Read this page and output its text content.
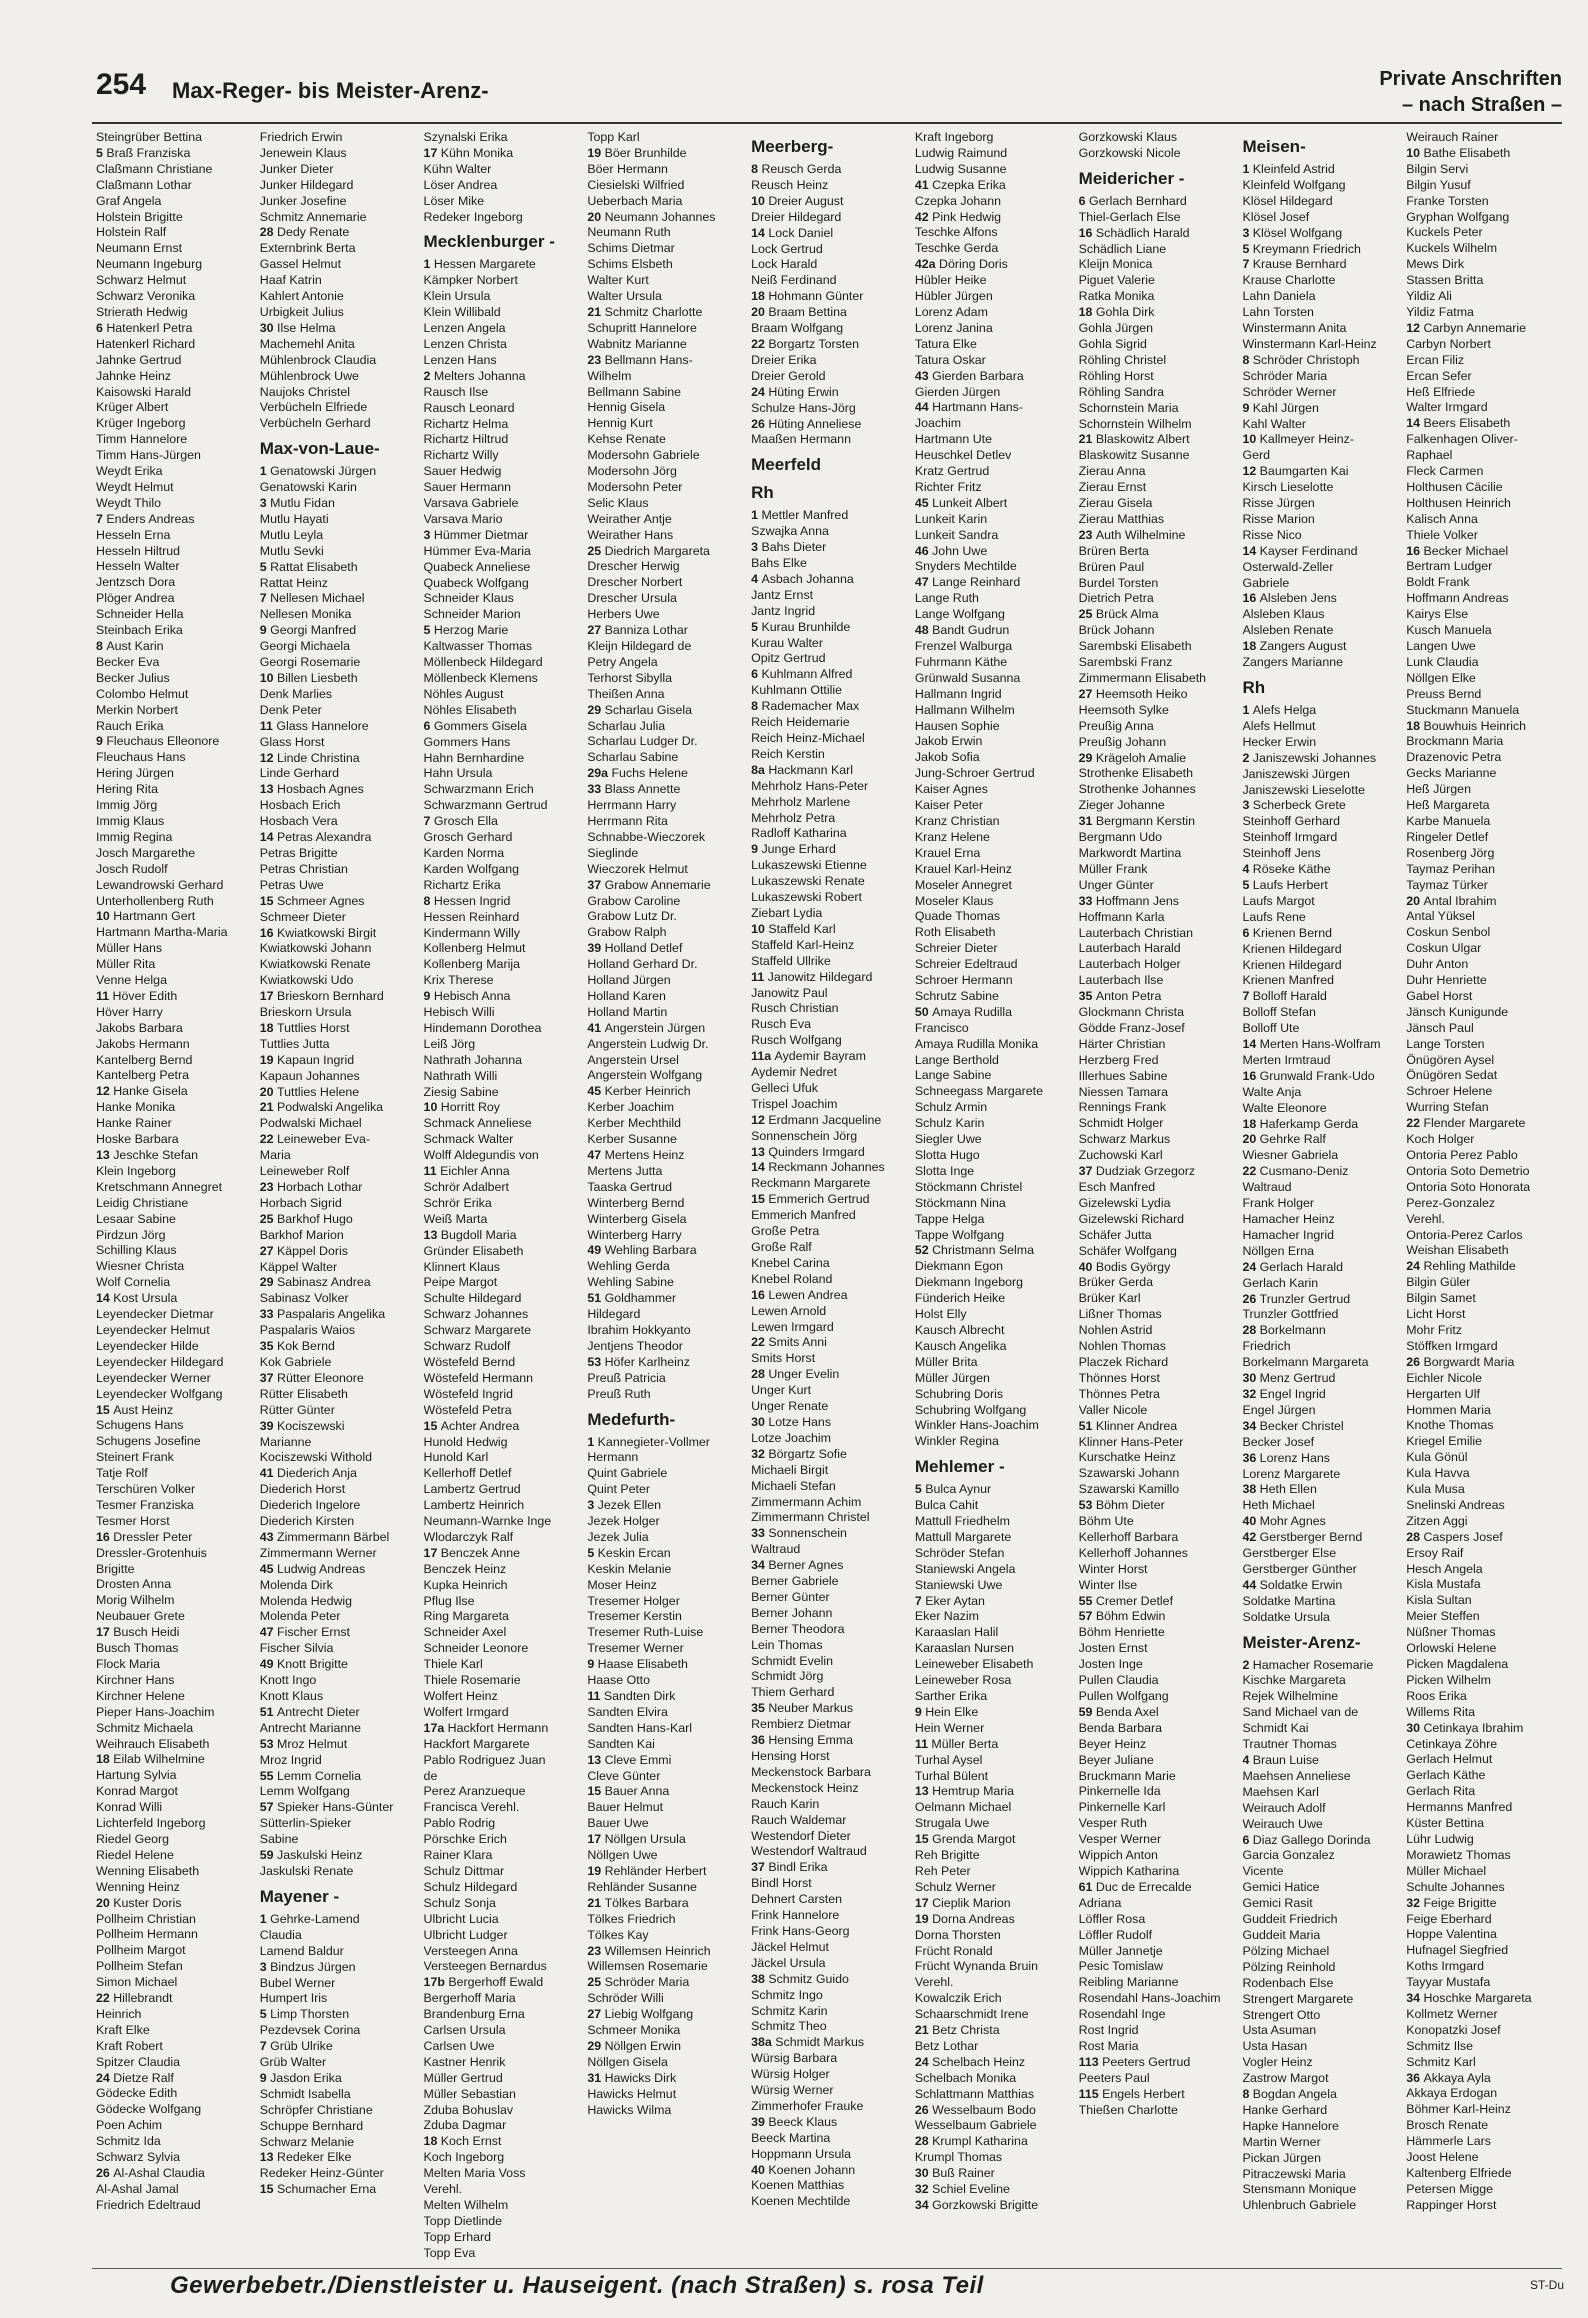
254 Max-Reger- bis Meister-Arenz-	Private Anschriften
– nach Straßen –
Steingrüber Bettina
5 Braß Franziska
Claßmann Christiane
Claßmann Lothar
Graf Angela
Holstein Brigitte
Holstein Ralf
Neumann Ernst
Neumann Ingeburg
Schwarz Helmut
Schwarz Veronika
Strierath Hedwig
6 Hatenkerl Petra
Hatenkerl Richard
Jahnke Gertrud
Jahnke Heinz
Kaisowski Harald
Krüger Albert
Krüger Ingeborg
Timm Hannelore
Timm Hans-Jürgen
Weydt Erika
Weydt Helmut
Weydt Thilo
7 Enders Andreas
Hesseln Erna
Hesseln Hiltrud
Hesseln Walter
Jentzsch Dora
Plöger Andrea
Schneider Hella
Steinbach Erika
8 Aust Karin
Becker Eva
Becker Julius
Colombo Helmut
Merkin Norbert
Rauch Erika
9 Fleuchaus Elleonore
Fleuchaus Hans
Hering Jürgen
Hering Rita
Immig Jörg
Immig Klaus
Immig Regina
Josch Margarethe
Josch Rudolf
Lewandrowski Gerhard
Unterhollenberg Ruth
10 Hartmann Gert
Hartmann Martha-Maria
Müller Hans
Müller Rita
Venne Helga
11 Höver Edith
Höver Harry
Jakobs Barbara
Jakobs Hermann
Kantelberg Bernd
Kantelberg Petra
12 Hanke Gisela
Hanke Monika
Hanke Rainer
Hoske Barbara
13 Jeschke Stefan
Klein Ingeborg
Kretschmann Annegret
Leidig Christiane
Lesaar Sabine
Pirdzun Jörg
Schilling Klaus
Wiesner Christa
Wolf Cornelia
14 Kost Ursula
Leyendecker Dietmar
Leyendecker Helmut
Leyendecker Hilde
Leyendecker Hildegard
Leyendecker Werner
Leyendecker Wolfgang
15 Aust Heinz
Schugens Hans
Schugens Josefine
Steinert Frank
Tatje Rolf
Terschüren Volker
Tesmer Franziska
Tesmer Horst
16 Dressler Peter
Dressler-Grotenhuis
Brigitte
Drosten Anna
Morig Wilhelm
Neubauer Grete
17 Busch Heidi
Busch Thomas
Flock Maria
Kirchner Hans
Kirchner Helene
Pieper Hans-Joachim
Schmitz Michaela
Weihrauch Elisabeth
18 Eilab Wilhelmine
Hartung Sylvia
Konrad Margot
Konrad Willi
Lichterfeld Ingeborg
Riedel Georg
Riedel Helene
Wenning Elisabeth
Wenning Heinz
20 Kuster Doris
Pollheim Christian
Pollheim Hermann
Pollheim Margot
Pollheim Stefan
Simon Michael
22 Hillebrandt
Heinrich
Kraft Elke
Kraft Robert
Spitzer Claudia
24 Dietze Ralf
Gödecke Edith
Gödecke Wolfgang
Poen Achim
Schmitz Ida
Schwarz Sylvia
26 Al-Ashal Claudia
Al-Ashal Jamal
Friedrich Edeltraud
Friedrich Erwin
Jenewein Klaus
Junker Dieter
Junker Hildegard
Junker Josefine
Schmitz Annemarie
28 Dedy Renate
Externbrink Berta
Gassel Helmut
Haaf Katrin
Kahlert Antonie
Urbigkeit Julius
30 Ilse Helma
Machemehl Anita
Mühlenbrock Claudia
Mühlenbrock Uwe
Naujoks Christel
Verbücheln Elfriede
Verbücheln Gerhard
Max-von-Laue-
1 Genatowski Jürgen
Genatowski Karin
3 Mutlu Fidan
Mutlu Hayati
Mutlu Leyla
Mutlu Sevki
5 Rattat Elisabeth
Rattat Heinz
7 Nellesen Michael
Nellesen Monika
9 Georgi Manfred
Georgi Michaela
Georgi Rosemarie
10 Billen Liesbeth
Denk Marlies
Denk Peter
11 Glass Hannelore
Glass Horst
12 Linde Christina
Linde Gerhard
13 Hosbach Agnes
Hosbach Erich
Hosbach Vera
14 Petras Alexandra
Petras Brigitte
Petras Christian
Petras Uwe
15 Schmeer Agnes
Schmeer Dieter
16 Kwiatkowski Birgit
Kwiatkowski Johann
Kwiatkowski Renate
Kwiatkowski Udo
17 Brieskorn Bernhard
Brieskorn Ursula
18 Tuttlies Horst
Tuttlies Jutta
19 Kapaun Ingrid
Kapaun Johannes
20 Tuttlies Helene
21 Podwalski Angelika
Podwalski Michael
22 Leineweber Eva-
Maria
Leineweber Rolf
23 Horbach Lothar
Horbach Sigrid
25 Barkhof Hugo
Barkhof Marion
27 Käppel Doris
Käppel Walter
29 Sabinasz Andrea
Sabinasz Volker
33 Paspalaris Angelika
Paspalaris Waios
35 Kok Bernd
Kok Gabriele
37 Rütter Eleonore
Rütter Elisabeth
Rütter Günter
39 Kociszewski
Marianne
Kociszewski Withold
41 Diederich Anja
Diederich Horst
Diederich Ingelore
Diederich Kirsten
43 Zimmermann Bärbel
Zimmermann Werner
45 Ludwig Andreas
Molenda Dirk
Molenda Hedwig
Molenda Peter
47 Fischer Ernst
Fischer Silvia
49 Knott Brigitte
Knott Ingo
Knott Klaus
51 Antrecht Dieter
Antrecht Marianne
53 Mroz Helmut
Mroz Ingrid
55 Lemm Cornelia
Lemm Wolfgang
57 Spieker Hans-Günter
Sütterlin-Spieker
Sabine
59 Jaskulski Heinz
Jaskulski Renate
Mayener -
1 Gehrke-Lamend
Claudia
Lamend Baldur
3 Bindzus Jürgen
Bubel Werner
Humpert Iris
5 Limp Thorsten
Pezdevsek Corina
7 Grüb Ulrike
Grüb Walter
9 Jasdon Erika
Schmidt Isabella
Schröpfer Christiane
Schuppe Bernhard
Schwarz Melanie
13 Redeker Elke
Redeker Heinz-Günter
15 Schumacher Erna
Szynalski Erika
17 Kühn Monika
Kühn Walter
Löser Andrea
Löser Mike
Redeker Ingeborg
Mecklenburger -
1 Hessen Margarete
Kämpker Norbert
Klein Ursula
Klein Willibald
Lenzen Angela
Lenzen Christa
Lenzen Hans
2 Melters Johanna
Rausch Ilse
Rausch Leonard
Richartz Helma
Richartz Hiltrud
Richartz Willy
Sauer Hedwig
Sauer Hermann
Varsava Gabriele
Varsava Mario
3 Hümmer Dietmar
Hümmer Eva-Maria
Quabeck Anneliese
Quabeck Wolfgang
Schneider Klaus
Schneider Marion
5 Herzog Marie
Kaltwasser Thomas
Möllenbeck Hildegard
Möllenbeck Klemens
Nöhles August
Nöhles Elisabeth
6 Gommers Gisela
Gommers Hans
Hahn Bernhardine
Hahn Ursula
Schwarzmann Erich
Schwarzmann Gertrud
7 Grosch Ella
Grosch Gerhard
Karden Norma
Karden Wolfgang
Richartz Erika
8 Hessen Ingrid
Hessen Reinhard
Kindermann Willy
Kollenberg Helmut
Kollenberg Marija
Krix Therese
9 Hebisch Anna
Hebisch Willi
Hindemann Dorothea
Leiß Jörg
Nathrath Johanna
Nathrath Willi
Ziesig Sabine
10 Horritt Roy
Schmack Anneliese
Schmack Walter
Wolff Aldegundis von
11 Eichler Anna
Schrör Adalbert
Schrör Erika
Weiß Marta
13 Bugdoll Maria
Gründer Elisabeth
Klinnert Klaus
Peipe Margot
Schulte Hildegard
Schwarz Johannes
Schwarz Margarete
Schwarz Rudolf
Wöstefeld Bernd
Wöstefeld Hermann
Wöstefeld Ingrid
Wöstefeld Petra
15 Achter Andrea
Hunold Hedwig
Hunold Karl
Kellerhoff Detlef
Lambertz Gertrud
Lambertz Heinrich
Neumann-Warnke Inge
Wlodarczyk Ralf
17 Benczek Anne
Benczek Heinz
Kupka Heinrich
Pflug Ilse
Ring Margareta
Schneider Axel
Schneider Leonore
Thiele Karl
Thiele Rosemarie
Wolfert Heinz
Wolfert Irmgard
17a Hackfort Hermann
Hackfort Margarete
Pablo Rodriguez Juan
de
Perez Aranzueque
Francisca Verehl.
Pablo Rodrig
Pörschke Erich
Rainer Klara
Schulz Dittmar
Schulz Hildegard
Schulz Sonja
Ulbricht Lucia
Ulbricht Ludger
Versteegen Anna
Versteegen Bernardus
17b Bergerhoff Ewald
Bergerhoff Maria
Brandenburg Erna
Carlsen Ursula
Carlsen Uwe
Kastner Henrik
Müller Gertrud
Müller Sebastian
Zduba Bohuslav
Zduba Dagmar
18 Koch Ernst
Koch Ingeborg
Melten Maria Voss
Verehl.
Melten Wilhelm
Topp Dietlinde
Topp Erhard
Topp Eva
Topp Karl
19 Böer Brunhilde
Böer Hermann
Ciesielski Wilfried
Ueberbach Maria
20 Neumann Johannes
Neumann Ruth
Schims Dietmar
Schims Elsbeth
Walter Kurt
Walter Ursula
21 Schmitz Charlotte
Schupritt Hannelore
Wabnitz Marianne
23 Bellmann Hans-
Wilhelm
Bellmann Sabine
Hennig Gisela
Hennig Kurt
Kehse Renate
Modersohn Gabriele
Modersohn Jörg
Modersohn Peter
Selic Klaus
Weirather Antje
Weirather Hans
25 Diedrich Margareta
Drescher Herwig
Drescher Norbert
Drescher Ursula
Herbers Uwe
27 Banniza Lothar
Kleijn Hildegard de
Petry Angela
Terhorst Sibylla
Theißen Anna
29 Scharlau Gisela
Scharlau Julia
Scharlau Ludger Dr.
Scharlau Sabine
29a Fuchs Helene
33 Blass Annette
Herrmann Harry
Herrmann Rita
Schnabbe-Wieczorek
Sieglinde
Wieczorek Helmut
37 Grabow Annemarie
Grabow Caroline
Grabow Lutz Dr.
Grabow Ralph
39 Holland Detlef
Holland Gerhard Dr.
Holland Jürgen
Holland Karen
Holland Martin
41 Angerstein Jürgen
Angerstein Ludwig Dr.
Angerstein Ursel
Angerstein Wolfgang
45 Kerber Heinrich
Kerber Joachim
Kerber Mechthild
Kerber Susanne
47 Mertens Heinz
Mertens Jutta
Taaska Gertrud
Winterberg Bernd
Winterberg Gisela
Winterberg Harry
49 Wehling Barbara
Wehling Gerda
Wehling Sabine
51 Goldhammer
Hildegard
Ibrahim Hokkyanto
Jentjens Theodor
53 Höfer Karlheinz
Preuß Patricia
Preuß Ruth
Medefurth-
1 Kannegieter-Vollmer
Hermann
Quint Gabriele
Quint Peter
3 Jezek Ellen
Jezek Holger
Jezek Julia
5 Keskin Ercan
Keskin Melanie
Moser Heinz
Tresemer Holger
Tresemer Kerstin
Tresemer Ruth-Luise
Tresemer Werner
9 Haase Elisabeth
Haase Otto
11 Sandten Dirk
Sandten Elvira
Sandten Hans-Karl
Sandten Kai
13 Cleve Emmi
Cleve Günter
15 Bauer Anna
Bauer Helmut
Bauer Uwe
17 Nöllgen Ursula
Nöllgen Uwe
19 Rehländer Herbert
Rehländer Susanne
21 Tölkes Barbara
Tölkes Friedrich
Tölkes Kay
23 Willemsen Heinrich
Willemsen Rosemarie
25 Schröder Maria
Schröder Willi
27 Liebig Wolfgang
Schmeer Monika
29 Nöllgen Erwin
Nöllgen Gisela
31 Hawicks Dirk
Hawicks Helmut
Hawicks Wilma
Meerberg-
8 Reusch Gerda
Reusch Heinz
10 Dreier August
Dreier Hildegard
14 Lock Daniel
Lock Gertrud
Lock Harald
Neiß Ferdinand
18 Hohmann Günter
20 Braam Bettina
Braam Wolfgang
22 Borgartz Torsten
Dreier Erika
Dreier Gerold
24 Hüting Erwin
Schulze Hans-Jörg
26 Hüting Anneliese
Maaßen Hermann
Meerfeld
Rh
1 Mettler Manfred
Szwajka Anna
3 Bahs Dieter
Bahs Elke
4 Asbach Johanna
Jantz Ernst
Jantz Ingrid
5 Kurau Brunhilde
Kurau Walter
Opitz Gertrud
6 Kuhlmann Alfred
Kuhlmann Ottilie
8 Rademacher Max
Reich Heidemarie
Reich Heinz-Michael
Reich Kerstin
8a Hackmann Karl
Mehrholz Hans-Peter
Mehrholz Marlene
Mehrholz Petra
Radloff Katharina
9 Junge Erhard
Lukaszewski Etienne
Lukaszewski Renate
Lukaszewski Robert
Ziebart Lydia
10 Staffeld Karl
Staffeld Karl-Heinz
Staffeld Ullrike
11 Janowitz Hildegard
Janowitz Paul
Rusch Christian
Rusch Eva
Rusch Wolfgang
11a Aydemir Bayram
Aydemir Nedret
Gelleci Ufuk
Trispel Joachim
12 Erdmann Jacqueline
Sonnenschein Jörg
13 Quinders Irmgard
14 Reckmann Johannes
Reckmann Margarete
15 Emmerich Gertrud
Emmerich Manfred
Große Petra
Große Ralf
Knebel Carina
Knebel Roland
16 Lewen Andrea
Lewen Arnold
Lewen Irmgard
22 Smits Anni
Smits Horst
28 Unger Evelin
Unger Kurt
Unger Renate
30 Lotze Hans
Lotze Joachim
32 Börgartz Sofie
Michaeli Birgit
Michaeli Stefan
Zimmermann Achim
Zimmermann Christel
33 Sonnenschein
Waltraud
34 Berner Agnes
Berner Gabriele
Berner Günter
Berner Johann
Berner Theodora
Lein Thomas
Schmidt Evelin
Schmidt Jörg
Thiem Gerhard
35 Neuber Markus
Rembierz Dietmar
36 Hensing Emma
Hensing Horst
Meckenstock Barbara
Meckenstock Heinz
Rauch Karin
Rauch Waldemar
Westendorf Dieter
Westendorf Waltraud
37 Bindl Erika
Bindl Horst
Dehnert Carsten
Frink Hannelore
Frink Hans-Georg
Jäckel Helmut
Jäckel Ursula
38 Schmitz Guido
Schmitz Ingo
Schmitz Karin
Schmitz Theo
38a Schmidt Markus
Würsig Barbara
Würsig Holger
Würsig Werner
Zimmerhofer Frauke
39 Beeck Klaus
Beeck Martina
Hoppmann Ursula
40 Koenen Johann
Koenen Matthias
Koenen Mechtilde
Kraft Ingeborg
Ludwig Raimund
Ludwig Susanne
41 Czepka Erika
Czepka Johann
42 Pink Hedwig
Teschke Alfons
Teschke Gerda
42a Döring Doris
Hübler Heike
Hübler Jürgen
Lorenz Adam
Lorenz Janina
Tatura Elke
Tatura Oskar
43 Gierden Barbara
Gierden Jürgen
44 Hartmann Hans-
Joachim
Hartmann Ute
Heuschkel Detlev
Kratz Gertrud
Richter Fritz
45 Lunkeit Albert
Lunkeit Karin
Lunkeit Sandra
46 John Uwe
Snyders Mechtilde
47 Lange Reinhard
Lange Ruth
Lange Wolfgang
48 Bandt Gudrun
Frenzel Walburga
Fuhrmann Käthe
Grünwald Susanna
Hallmann Ingrid
Hallmann Wilhelm
Hausen Sophie
Jakob Erwin
Jakob Sofia
Jung-Schroer Gertrud
Kaiser Agnes
Kaiser Peter
Kranz Christian
Kranz Helene
Krauel Erna
Krauel Karl-Heinz
Moseler Annegret
Moseler Klaus
Quade Thomas
Roth Elisabeth
Schreier Dieter
Schreier Edeltraud
Schroer Hermann
Schrutz Sabine
50 Amaya Rudilla
Francisco
Amaya Rudilla Monika
Lange Berthold
Lange Sabine
Schneegass Margarete
Schulz Armin
Schulz Karin
Siegler Uwe
Slotta Hugo
Slotta Inge
Stöckmann Christel
Stöckmann Nina
Tappe Helga
Tappe Wolfgang
52 Christmann Selma
Diekmann Egon
Diekmann Ingeborg
Fünderich Heike
Holst Elly
Kausch Albrecht
Kausch Angelika
Müller Brita
Müller Jürgen
Schubring Doris
Schubring Wolfgang
Winkler Hans-Joachim
Winkler Regina
Mehlemer -
5 Bulca Aynur
Bulca Cahit
Mattull Friedhelm
Mattull Margarete
Schröder Stefan
Staniewski Angela
Staniewski Uwe
7 Eker Aytan
Eker Nazim
Karaaslan Halil
Karaaslan Nursen
Leineweber Elisabeth
Leineweber Rosa
Sarther Erika
9 Hein Elke
Hein Werner
11 Müller Berta
Turhal Aysel
Turhal Bülent
13 Hemtrup Maria
Oelmann Michael
Strugala Uwe
15 Grenda Margot
Reh Brigitte
Reh Peter
Schulz Werner
17 Cieplik Marion
19 Dorna Andreas
Dorna Thorsten
Frücht Ronald
Frücht Wynanda Bruin
Verehl.
Kowalczik Erich
Schaarschmidt Irene
21 Betz Christa
Betz Lothar
24 Schelbach Heinz
Schelbach Monika
Schlattmann Matthias
26 Wesselbaum Bodo
Wesselbaum Gabriele
28 Krumpl Katharina
Krumpl Thomas
30 Buß Rainer
32 Schiel Eveline
34 Gorzkowski Brigitte
Gorzkowski Klaus
Gorzkowski Nicole
Meidericher -
6 Gerlach Bernhard
Thiel-Gerlach Else
16 Schädlich Harald
Schädlich Liane
Kleijn Monica
Piguet Valerie
Ratka Monika
18 Gohla Dirk
Gohla Jürgen
Gohla Sigrid
Röhling Christel
Röhling Horst
Röhling Sandra
Schornstein Maria
Schornstein Wilhelm
21 Blaskowitz Albert
Blaskowitz Susanne
Zierau Anna
Zierau Ernst
Zierau Gisela
Zierau Matthias
23 Auth Wilhelmine
Brüren Berta
Brüren Paul
Burdel Torsten
Dietrich Petra
25 Brück Alma
Brück Johann
Sarembski Elisabeth
Sarembski Franz
Zimmermann Elisabeth
27 Heemsoth Heiko
Heemsoth Sylke
Preußig Anna
Preußig Johann
29 Krägeloh Amalie
Strothenke Elisabeth
Strothenke Johannes
Zieger Johanne
31 Bergmann Kerstin
Bergmann Udo
Markwordt Martina
Müller Frank
Unger Günter
33 Hoffmann Jens
Hoffmann Karla
Lauterbach Christian
Lauterbach Harald
Lauterbach Holger
Lauterbach Ilse
35 Anton Petra
Glockmann Christa
Gödde Franz-Josef
Härter Christian
Herzberg Fred
Illerhues Sabine
Niessen Tamara
Rennings Frank
Schmidt Holger
Schwarz Markus
Zuchowski Karl
37 Dudziak Grzegorz
Esch Manfred
Gizelewski Lydia
Gizelewski Richard
Schäfer Jutta
Schäfer Wolfgang
40 Bodis György
Brüker Gerda
Brüker Karl
Lißner Thomas
Nohlen Astrid
Nohlen Thomas
Placzek Richard
Thönnes Horst
Thönnes Petra
Valler Nicole
51 Klinner Andrea
Klinner Hans-Peter
Kurschatke Heinz
Szawarski Johann
Szawarski Kamillo
53 Böhm Dieter
Böhm Ute
Kellerhoff Barbara
Kellerhoff Johannes
Winter Horst
Winter Ilse
55 Cremer Detlef
57 Böhm Edwin
Böhm Henriette
Josten Ernst
Josten Inge
Pullen Claudia
Pullen Wolfgang
59 Benda Axel
Benda Barbara
Beyer Heinz
Beyer Juliane
Bruckmann Marie
Pinkernelle Ida
Pinkernelle Karl
Vesper Ruth
Vesper Werner
Wippich Anton
Wippich Katharina
61 Duc de Errecalde
Adriana
Löffler Rosa
Löffler Rudolf
Müller Jannetje
Pesic Tomislaw
Reibling Marianne
Rosendahl Hans-Joachim
Rosendahl Inge
Rost Ingrid
Rost Maria
113 Peeters Gertrud
Peeters Paul
115 Engels Herbert
Thießen Charlotte
Meisen-
1 Kleinfeld Astrid
Kleinfeld Wolfgang
Klösel Hildegard
Klösel Josef
3 Klösel Wolfgang
5 Kreymann Friedrich
7 Krause Bernhard
Krause Charlotte
Lahn Daniela
Lahn Torsten
Winstermann Anita
Winstermann Karl-Heinz
8 Schröder Christoph
Schröder Maria
Schröder Werner
9 Kahl Jürgen
Kahl Walter
10 Kallmeyer Heinz-
Gerd
12 Baumgarten Kai
Kirsch Lieselotte
Risse Jürgen
Risse Marion
Risse Nico
14 Kayser Ferdinand
Osterwald-Zeller
Gabriele
16 Alsleben Jens
Alsleben Klaus
Alsleben Renate
18 Zangers August
Zangers Marianne
Rh
1 Alefs Helga
Alefs Hellmut
Hecker Erwin
2 Janiszewski Johannes
Janiszewski Jürgen
Janiszewski Lieselotte
3 Scherbeck Grete
Steinhoff Gerhard
Steinhoff Irmgard
Steinhoff Jens
4 Röseke Käthe
5 Laufs Herbert
Laufs Margot
Laufs Rene
6 Krienen Bernd
Krienen Hildegard
Krienen Hildegard
Krienen Manfred
7 Bolloff Harald
Bolloff Stefan
Bolloff Ute
14 Merten Hans-Wolfram
Merten Irmtraud
16 Grunwald Frank-Udo
Walte Anja
Walte Eleonore
18 Haferkamp Gerda
20 Gehrke Ralf
Wiesner Gabriela
22 Cusmano-Deniz
Waltraud
Frank Holger
Hamacher Heinz
Hamacher Ingrid
Nöllgen Erna
24 Gerlach Harald
Gerlach Karin
26 Trunzler Gertrud
Trunzler Gottfried
28 Borkelmann
Friedrich
Borkelmann Margareta
30 Menz Gertrud
32 Engel Ingrid
Engel Jürgen
34 Becker Christel
Becker Josef
36 Lorenz Hans
Lorenz Margarete
38 Heth Ellen
Heth Michael
40 Mohr Agnes
42 Gerstberger Bernd
Gerstberger Else
Gerstberger Günther
44 Soldatke Erwin
Soldatke Martina
Soldatke Ursula
Meister-Arenz-
2 Hamacher Rosemarie
Kischke Margareta
Rejek Wilhelmine
Sand Michael van de
Schmidt Kai
Trautner Thomas
4 Braun Luise
Maehsen Anneliese
Maehsen Karl
Weirauch Adolf
Weirauch Uwe
6 Diaz Gallego Dorinda
Garcia Gonzalez
Vicente
Gemici Hatice
Gemici Rasit
Guddeit Friedrich
Guddeit Maria
Pölzing Michael
Pölzing Reinhold
Rodenbach Else
Strengert Margarete
Strengert Otto
Usta Asuman
Usta Hasan
Vogler Heinz
Zastrow Margot
8 Bogdan Angela
Hanke Gerhard
Hapke Hannelore
Martin Werner
Pickan Jürgen
Pitraczewski Maria
Stensmann Monique
Uhlenbruch Gabriele
Weirauch Rainer
10 Bathe Elisabeth
Bilgin Servi
Bilgin Yusuf
Franke Torsten
Gryphan Wolfgang
Kuckels Peter
Kuckels Wilhelm
Mews Dirk
Stassen Britta
Yildiz Ali
Yildiz Fatma
12 Carbyn Annemarie
Carbyn Norbert
Ercan Filiz
Ercan Sefer
Heß Elfriede
Walter Irmgard
14 Beers Elisabeth
Falkenhagen Oliver-
Raphael
Fleck Carmen
Holthusen Cäcilie
Holthusen Heinrich
Kalisch Anna
Thiele Volker
16 Becker Michael
Bertram Ludger
Boldt Frank
Hoffmann Andreas
Kairys Else
Kusch Manuela
Langen Uwe
Lunk Claudia
Nöllgen Elke
Preuss Bernd
Stuckmann Manuela
18 Bouwhuis Heinrich
Brockmann Maria
Drazenovic Petra
Gecks Marianne
Heß Jürgen
Heß Margareta
Karbe Manuela
Ringeler Detlef
Rosenberg Jörg
Taymaz Perihan
Taymaz Türker
20 Antal Ibrahim
Antal Yüksel
Coskun Senbol
Coskun Ulgar
Duhr Anton
Duhr Henriette
Gabel Horst
Jänsch Kunigunde
Jänsch Paul
Lange Torsten
Önügören Aysel
Önügören Sedat
Schroer Helene
Wurring Stefan
22 Flender Margarete
Koch Holger
Ontoria Perez Pablo
Ontoria Soto Demetrio
Ontoria Soto Honorata
Perez-Gonzalez
Verehl.
Ontoria-Perez Carlos
Weishan Elisabeth
24 Rehling Mathilde
Bilgin Güler
Bilgin Samet
Licht Horst
Mohr Fritz
Stöffken Irmgard
26 Borgwardt Maria
Eichler Nicole
Hergarten Ulf
Hommen Maria
Knothe Thomas
Kriegel Emilie
Kula Gönül
Kula Havva
Kula Musa
Snelinski Andreas
Zitzen Aggi
28 Caspers Josef
Ersoy Raif
Hesch Angela
Kisla Mustafa
Kisla Sultan
Meier Steffen
Nüßner Thomas
Orlowski Helene
Picken Magdalena
Picken Wilhelm
Roos Erika
Willems Rita
30 Cetinkaya Ibrahim
Cetinkaya Zöhre
Gerlach Helmut
Gerlach Käthe
Gerlach Rita
Hermanns Manfred
Küster Bettina
Lühr Ludwig
Morawietz Thomas
Müller Michael
Schulte Johannes
32 Feige Brigitte
Feige Eberhard
Hoppe Valentina
Hufnagel Siegfried
Koths Irmgard
Tayyar Mustafa
34 Hoschke Margareta
Kollmetz Werner
Konopatzki Josef
Schmitz Ilse
Schmitz Karl
36 Akkaya Ayla
Akkaya Erdogan
Böhmer Karl-Heinz
Brosch Renate
Hämmerle Lars
Joost Helene
Kaltenberg Elfriede
Petersen Migge
Rappinger Horst
Gewerbebetr./Dienstleister u. Hauseigent. (nach Straßen) s. rosa Teil	ST-Du
